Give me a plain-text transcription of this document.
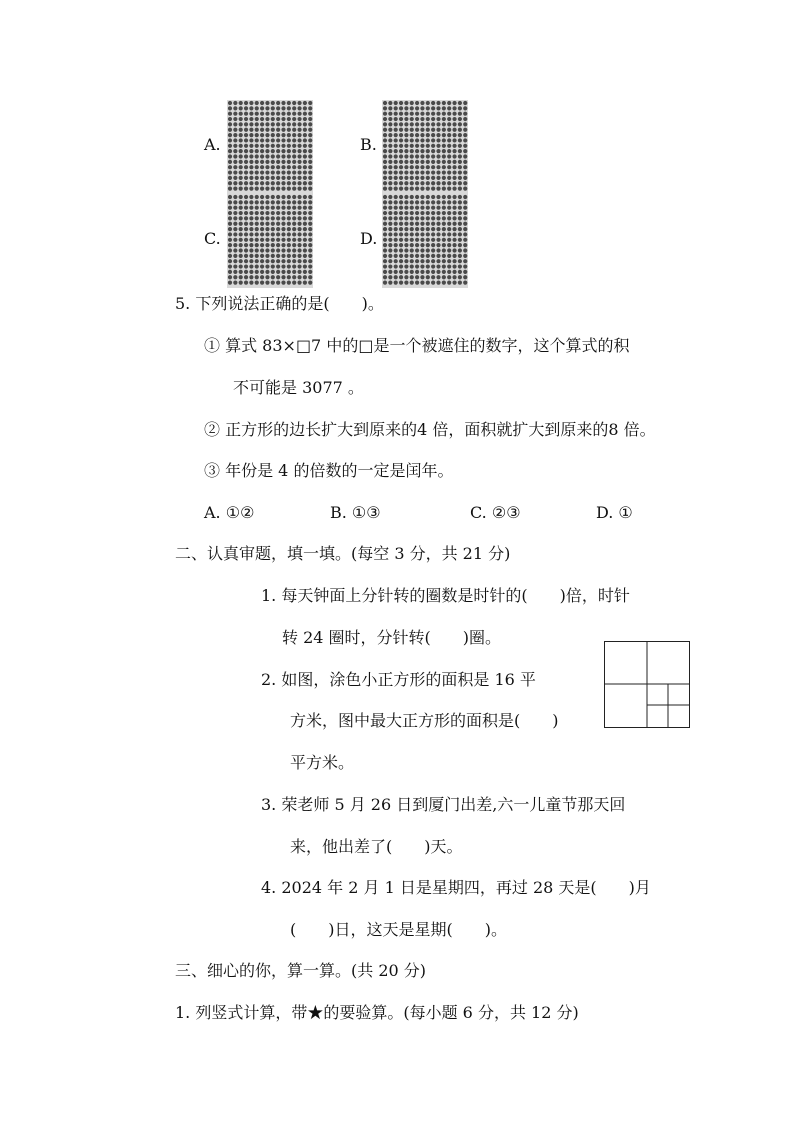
A.	B.
C.	D.
5. 下列说法正确的是(　　)。
① 算式 83×□7 中的□是一个被遮住的数字，这个算式的积
不可能是 3077 。
② 正方形的边长扩大到原来的4 倍，面积就扩大到原来的8 倍。
③ 年份是 4 的倍数的一定是闰年。
A. ①②	B. ①③	C. ②③	D. ①
二、认真审题，填一填。(每空 3 分，共 21 分)
1. 每天钟面上分针转的圈数是时针的(　　)倍，时针
转 24 圈时，分针转(　　)圈。
2. 如图，涂色小正方形的面积是 16 平
方米，图中最大正方形的面积是(　　)
平方米。
3. 荣老师 5 月 26 日到厦门出差,六一儿童节那天回
来，他出差了(　　)天。
4. 2024 年 2 月 1 日是星期四，再过 28 天是(　　)月
(　　)日，这天是星期(　　)。
三、细心的你，算一算。(共 20 分)
1. 列竖式计算，带★的要验算。(每小题 6 分，共 12 分)
